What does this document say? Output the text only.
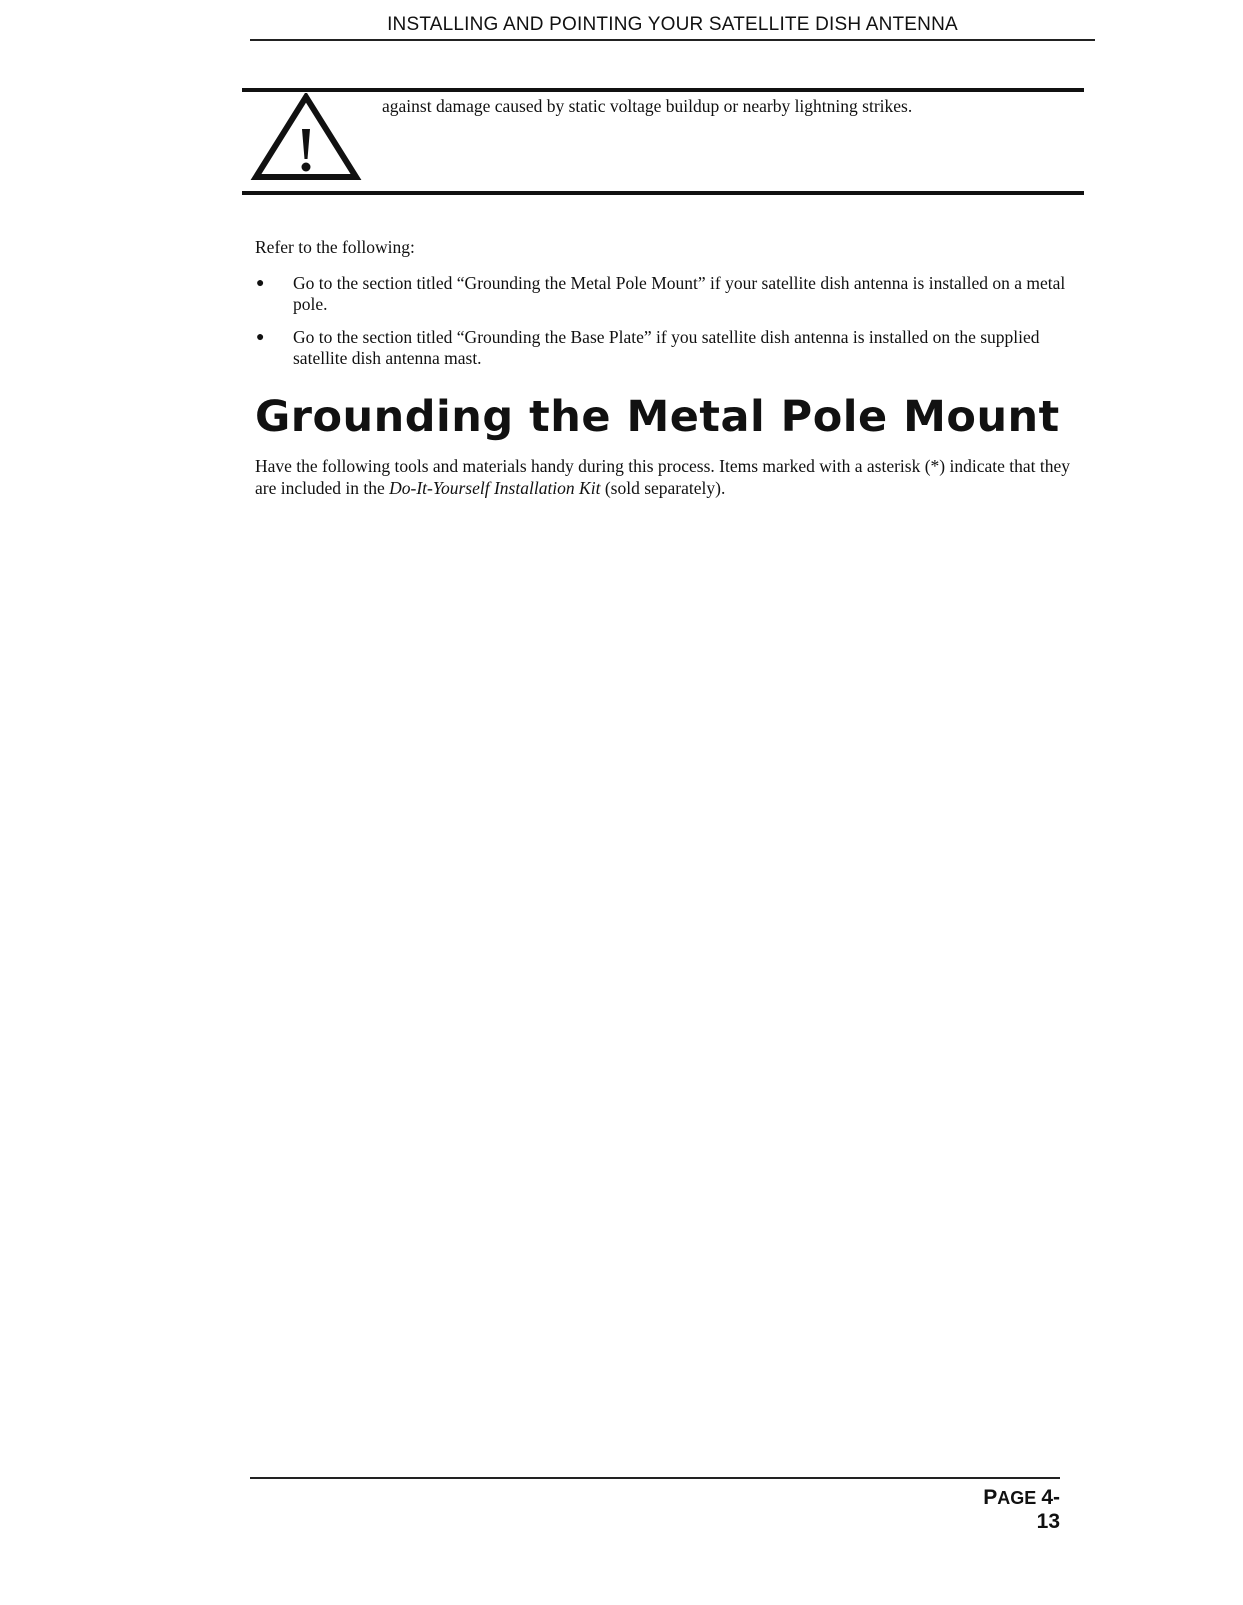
INSTALLING AND POINTING YOUR SATELLITE DISH ANTENNA
against damage caused by static voltage buildup or nearby lightning strikes.
Refer to the following:
● Go to the section titled “Grounding the Metal Pole Mount” if your satellite dish antenna is installed on a metal pole.
● Go to the section titled “Grounding the Base Plate” if you satellite dish antenna is installed on the supplied satellite dish antenna mast.
Grounding the Metal Pole Mount

Have the following tools and materials handy during this process. Items marked with a asterisk (*) indicate that they are included in the Do-It-Yourself Installation Kit (sold separately).

PAGE 4-13
